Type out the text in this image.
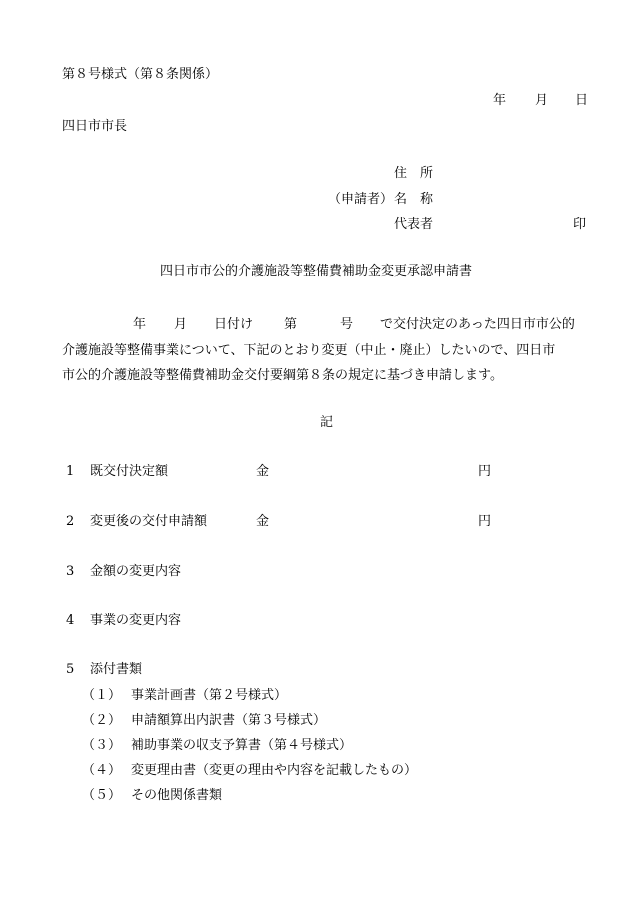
第８号様式（第８条関係）
年 月 日
四日市市長
住　所
（申請者） 名　称
代表者	印
四日市市公的介護施設等整備費補助金変更承認申請書
年 月 日付け 第	号 で交付決定のあった四日市市公的
介護施設等整備事業について、下記のとおり変更（中止・廃止）したいので、四日市
市公的介護施設等整備費補助金交付要綱第８条の規定に基づき申請します。
記
1 既交付決定額	金	円
2 変更後の交付申請額	金	円
3 金額の変更内容
4 事業の変更内容
5 添付書類
（１） 事業計画書（第２号様式）
（２） 申請額算出内訳書（第３号様式）
（３） 補助事業の収支予算書（第４号様式）
（４） 変更理由書（変更の理由や内容を記載したもの）
（５） その他関係書類
